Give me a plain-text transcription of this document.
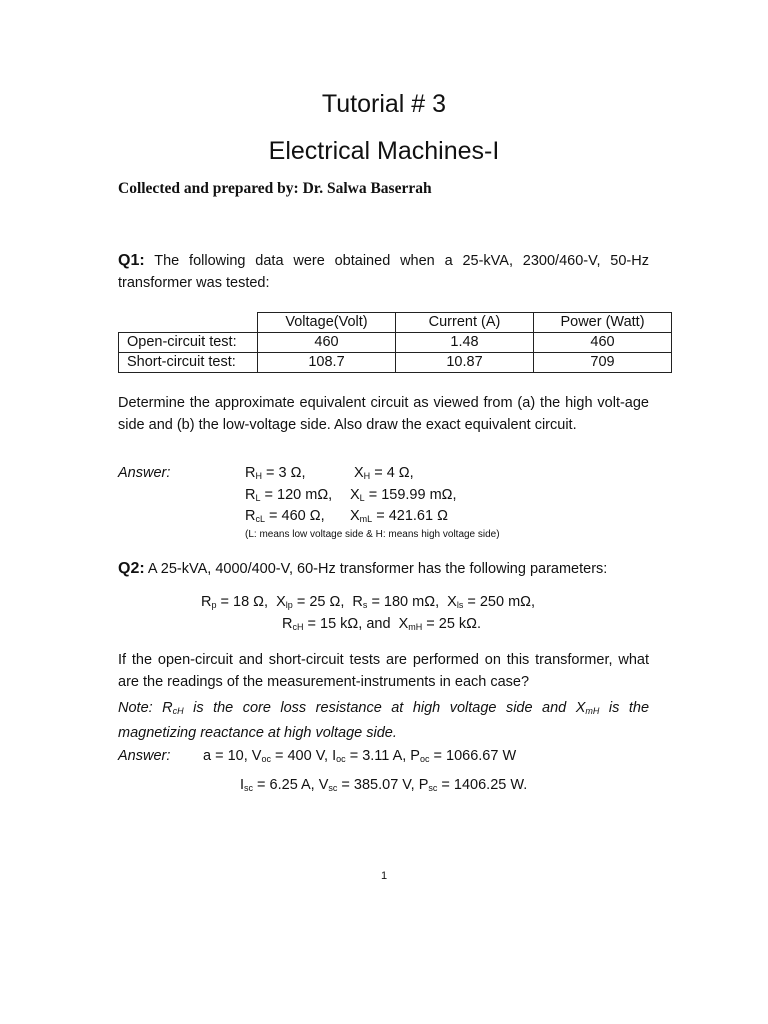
Tutorial # 3
Electrical Machines-I
Collected and prepared by: Dr. Salwa Baserrah
Q1: The following data were obtained when a 25-kVA, 2300/460-V, 50-Hz transformer was tested:
	Voltage(Volt)	Current (A)	Power (Watt)
Open-circuit test:	460	1.48	460
Short-circuit test:	108.7	10.87	709
Determine the approximate equivalent circuit as viewed from (a) the high volt-age side and (b) the low-voltage side. Also draw the exact equivalent circuit.
Answer:	$R_H = 3$ Ω,	$X_H = 4$ Ω,
$R_L = 120$ mΩ, $X_L = 159.99$ mΩ,
$R_{cL} = 460$ Ω, $X_{mL} = 421.61$ Ω
(L: means low voltage side & H: means high voltage side)
Q2: A 25-kVA, 4000/400-V, 60-Hz transformer has the following parameters:
$R_p = 18$ Ω,  $X_{lp} = 25$ Ω,  $R_s = 180$ mΩ,  $X_{ls} = 250$ mΩ,
$R_{cH} = 15$ kΩ, and  $X_{mH} = 25$ kΩ.
If the open-circuit and short-circuit tests are performed on this transformer, what are the readings of the measurement-instruments in each case?
Note: $R_{cH}$ is the core loss resistance at high voltage side and $X_{mH}$ is the magnetizing reactance at high voltage side.
Answer: a = 10, $V_{oc} = 400$ V, $I_{oc} = 3.11$ A, $P_{oc} = 1066.67$ W
$I_{sc} = 6.25$ A, $V_{sc} = 385.07$ V, $P_{sc} = 1406.25$ W.
1
